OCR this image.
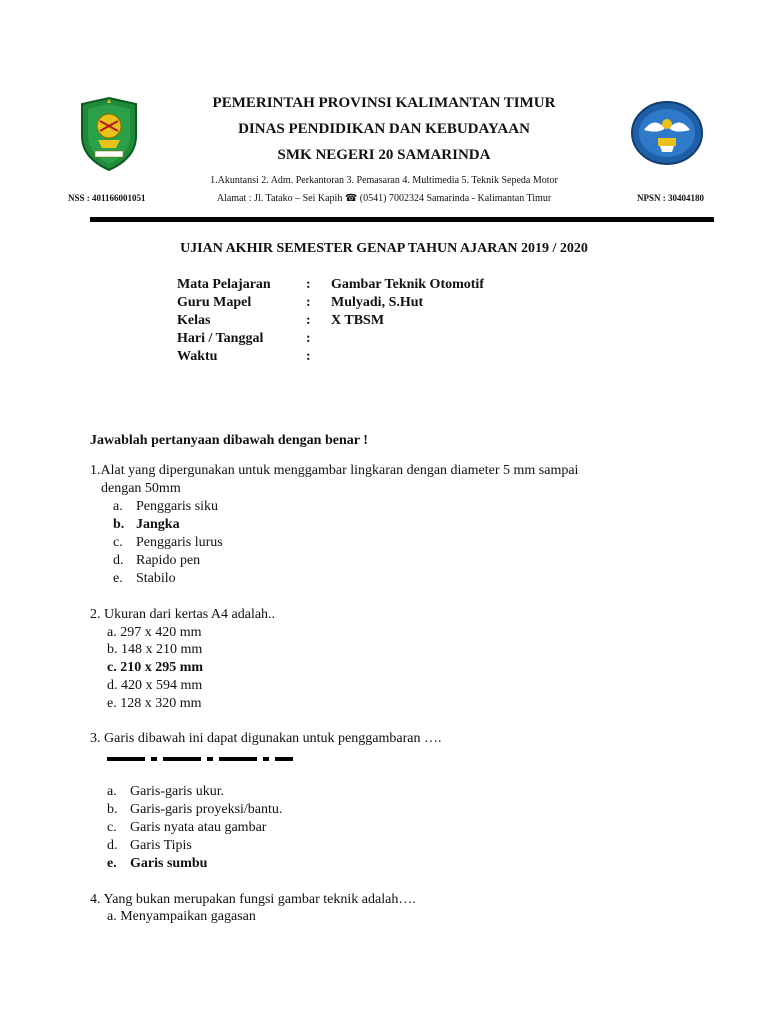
PEMERINTAH PROVINSI KALIMANTAN TIMUR
DINAS PENDIDIKAN DAN KEBUDAYAAN
SMK NEGERI 20 SAMARINDA
1.Akuntansi 2. Adm. Perkantoran 3. Pemasaran 4. Multimedia 5. Teknik Sepeda Motor
Alamat : Jl. Tatako – Sei Kapih ☎ (0541) 7002324 Samarinda - Kalimantan Timur
NSS : 401166001051	NPSN : 30404180
UJIAN AKHIR SEMESTER GENAP TAHUN AJARAN 2019 / 2020
Mata Pelajaran	: Gambar Teknik Otomotif
Guru Mapel	: Mulyadi, S.Hut
Kelas	: X TBSM
Hari / Tanggal	:
Waktu	:
Jawablah pertanyaan dibawah dengan benar !
1.Alat yang dipergunakan untuk menggambar lingkaran dengan diameter 5 mm sampai
dengan 50mm
a. Penggaris siku
b. Jangka
c. Penggaris lurus
d. Rapido pen
e. Stabilo
2. Ukuran dari kertas A4 adalah..
a. 297 x 420 mm
b. 148 x 210 mm
c. 210 x 295 mm
d. 420 x 594 mm
e. 128 x 320 mm
3. Garis dibawah ini dapat digunakan untuk penggambaran ….
a. Garis-garis ukur.
b. Garis-garis proyeksi/bantu.
c. Garis nyata atau gambar
d. Garis Tipis
e. Garis sumbu
4. Yang bukan merupakan fungsi gambar teknik adalah….
a. Menyampaikan gagasan
